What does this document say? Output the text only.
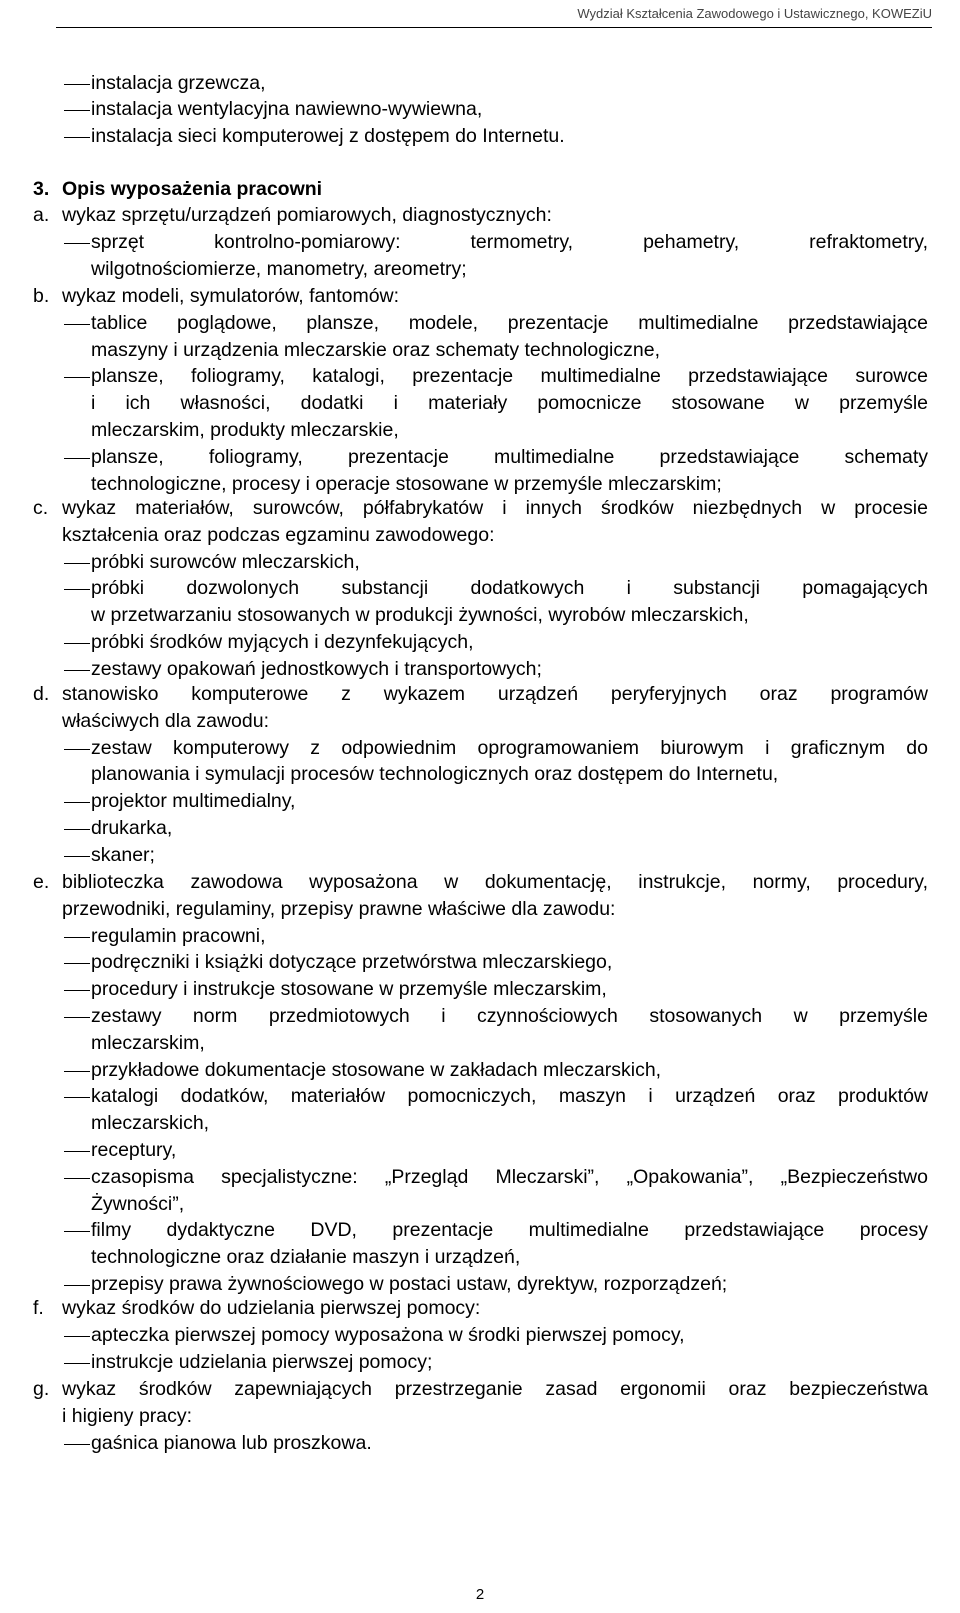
Wydział Kształcenia Zawodowego i Ustawicznego, KOWEZiU
instalacja grzewcza,
instalacja wentylacyjna nawiewno-wywiewna,
instalacja sieci komputerowej z dostępem do Internetu.
3. Opis wyposażenia pracowni
a. wykaz sprzętu/urządzeń pomiarowych, diagnostycznych:
sprzęt kontrolno-pomiarowy: termometry, pehametry, refraktometry,
wilgotnościomierze, manometry, areometry;
b. wykaz modeli, symulatorów, fantomów:
tablice poglądowe, plansze, modele, prezentacje multimedialne przedstawiające
maszyny i urządzenia mleczarskie oraz schematy technologiczne,
plansze, foliogramy, katalogi, prezentacje multimedialne przedstawiające surowce
i ich własności, dodatki i materiały pomocnicze stosowane w przemyśle
mleczarskim, produkty mleczarskie,
plansze, foliogramy, prezentacje multimedialne przedstawiające schematy
technologiczne, procesy i operacje stosowane w przemyśle mleczarskim;
c. wykaz materiałów, surowców, półfabrykatów i innych środków niezbędnych w procesie
kształcenia oraz podczas egzaminu zawodowego:
próbki surowców mleczarskich,
próbki dozwolonych substancji dodatkowych i substancji pomagających
w przetwarzaniu stosowanych w produkcji żywności, wyrobów mleczarskich,
próbki środków myjących i dezynfekujących,
zestawy opakowań jednostkowych i transportowych;
d. stanowisko komputerowe z wykazem urządzeń peryferyjnych oraz programów
właściwych dla zawodu:
zestaw komputerowy z odpowiednim oprogramowaniem biurowym i graficznym do
planowania i symulacji procesów technologicznych oraz dostępem do Internetu,
projektor multimedialny,
drukarka,
skaner;
e. biblioteczka zawodowa wyposażona w dokumentację, instrukcje, normy, procedury,
przewodniki, regulaminy, przepisy prawne właściwe dla zawodu:
regulamin pracowni,
podręczniki i książki dotyczące przetwórstwa mleczarskiego,
procedury i instrukcje stosowane w przemyśle mleczarskim,
zestawy norm przedmiotowych i czynnościowych stosowanych w przemyśle
mleczarskim,
przykładowe dokumentacje stosowane w zakładach mleczarskich,
katalogi dodatków, materiałów pomocniczych, maszyn i urządzeń oraz produktów
mleczarskich,
receptury,
czasopisma specjalistyczne: „Przegląd Mleczarski”, „Opakowania”, „Bezpieczeństwo
Żywności”,
filmy dydaktyczne DVD, prezentacje multimedialne przedstawiające procesy
technologiczne oraz działanie maszyn i urządzeń,
przepisy prawa żywnościowego w postaci ustaw, dyrektyw, rozporządzeń;
f. wykaz środków do udzielania pierwszej pomocy:
apteczka pierwszej pomocy wyposażona w środki pierwszej pomocy,
instrukcje udzielania pierwszej pomocy;
g. wykaz środków zapewniających przestrzeganie zasad ergonomii oraz bezpieczeństwa
i higieny pracy:
gaśnica pianowa lub proszkowa.
2
